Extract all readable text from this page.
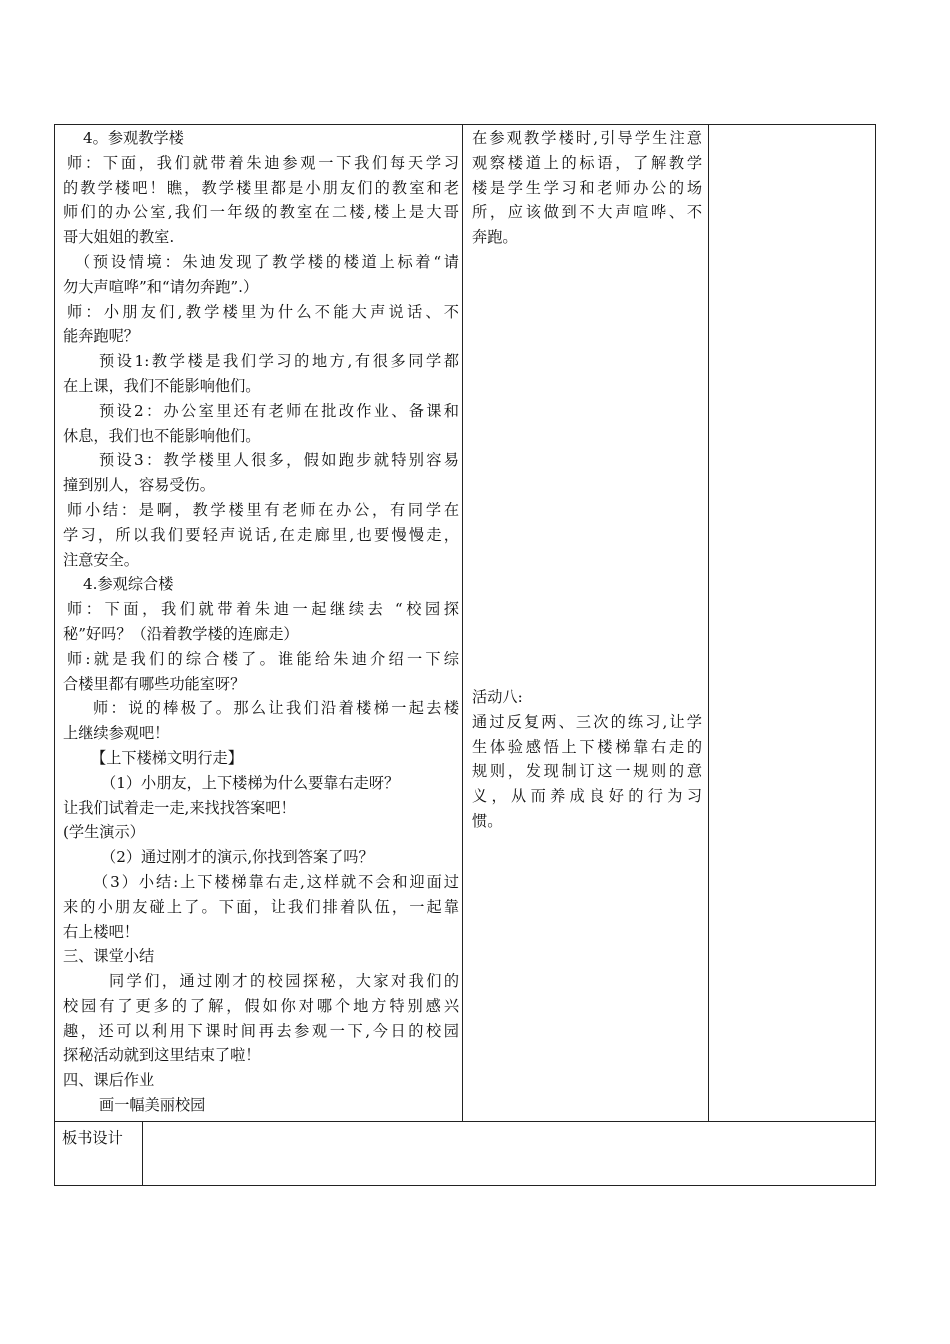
4。参观教学楼

师：下面，我们就带着朱迪参观一下我们每天学习

的教学楼吧！瞧，教学楼里都是小朋友们的教室和老

师们的办公室,我们一年级的教室在二楼,楼上是大哥

哥大姐姐的教室.

（预设情境：朱迪发现了教学楼的楼道上标着“请

勿大声喧哗”和“请勿奔跑”.）

师：小朋友们,教学楼里为什么不能大声说话、不

能奔跑呢？

预设1:教学楼是我们学习的地方,有很多同学都

在上课，我们不能影响他们。

预设2：办公室里还有老师在批改作业、备课和

休息，我们也不能影响他们。

预设3：教学楼里人很多，假如跑步就特别容易

撞到别人，容易受伤。

师小结：是啊，教学楼里有老师在办公，有同学在

学习，所以我们要轻声说话,在走廊里,也要慢慢走，

注意安全。

4.参观综合楼

师：下面，我们就带着朱迪一起继续去 “校园探

秘”好吗？（沿着教学楼的连廊走）

师:就是我们的综合楼了。谁能给朱迪介绍一下综

合楼里都有哪些功能室呀？

师：说的棒极了。那么让我们沿着楼梯一起去楼

上继续参观吧！

【上下楼梯文明行走】

（1）小朋友，上下楼梯为什么要靠右走呀？

让我们试着走一走,来找找答案吧！

(学生演示）

（2）通过刚才的演示,你找到答案了吗？

（3）小结:上下楼梯靠右走,这样就不会和迎面过

来的小朋友碰上了。下面，让我们排着队伍，一起靠

右上楼吧！

三、课堂小结

同学们，通过刚才的校园探秘，大家对我们的

校园有了更多的了解，假如你对哪个地方特别感兴

趣，还可以利用下课时间再去参观一下,今日的校园

探秘活动就到这里结束了啦！

四、课后作业

画一幅美丽校园

在参观教学楼时,引导学生注意

观察楼道上的标语，了解教学

楼是学生学习和老师办公的场

所，应该做到不大声喧哗、不

奔跑。

活动八:

通过反复两、三次的练习,让学

生体验感悟上下楼梯靠右走的

规则，发现制订这一规则的意

义，从而养成良好的行为习

惯。

板书设计
